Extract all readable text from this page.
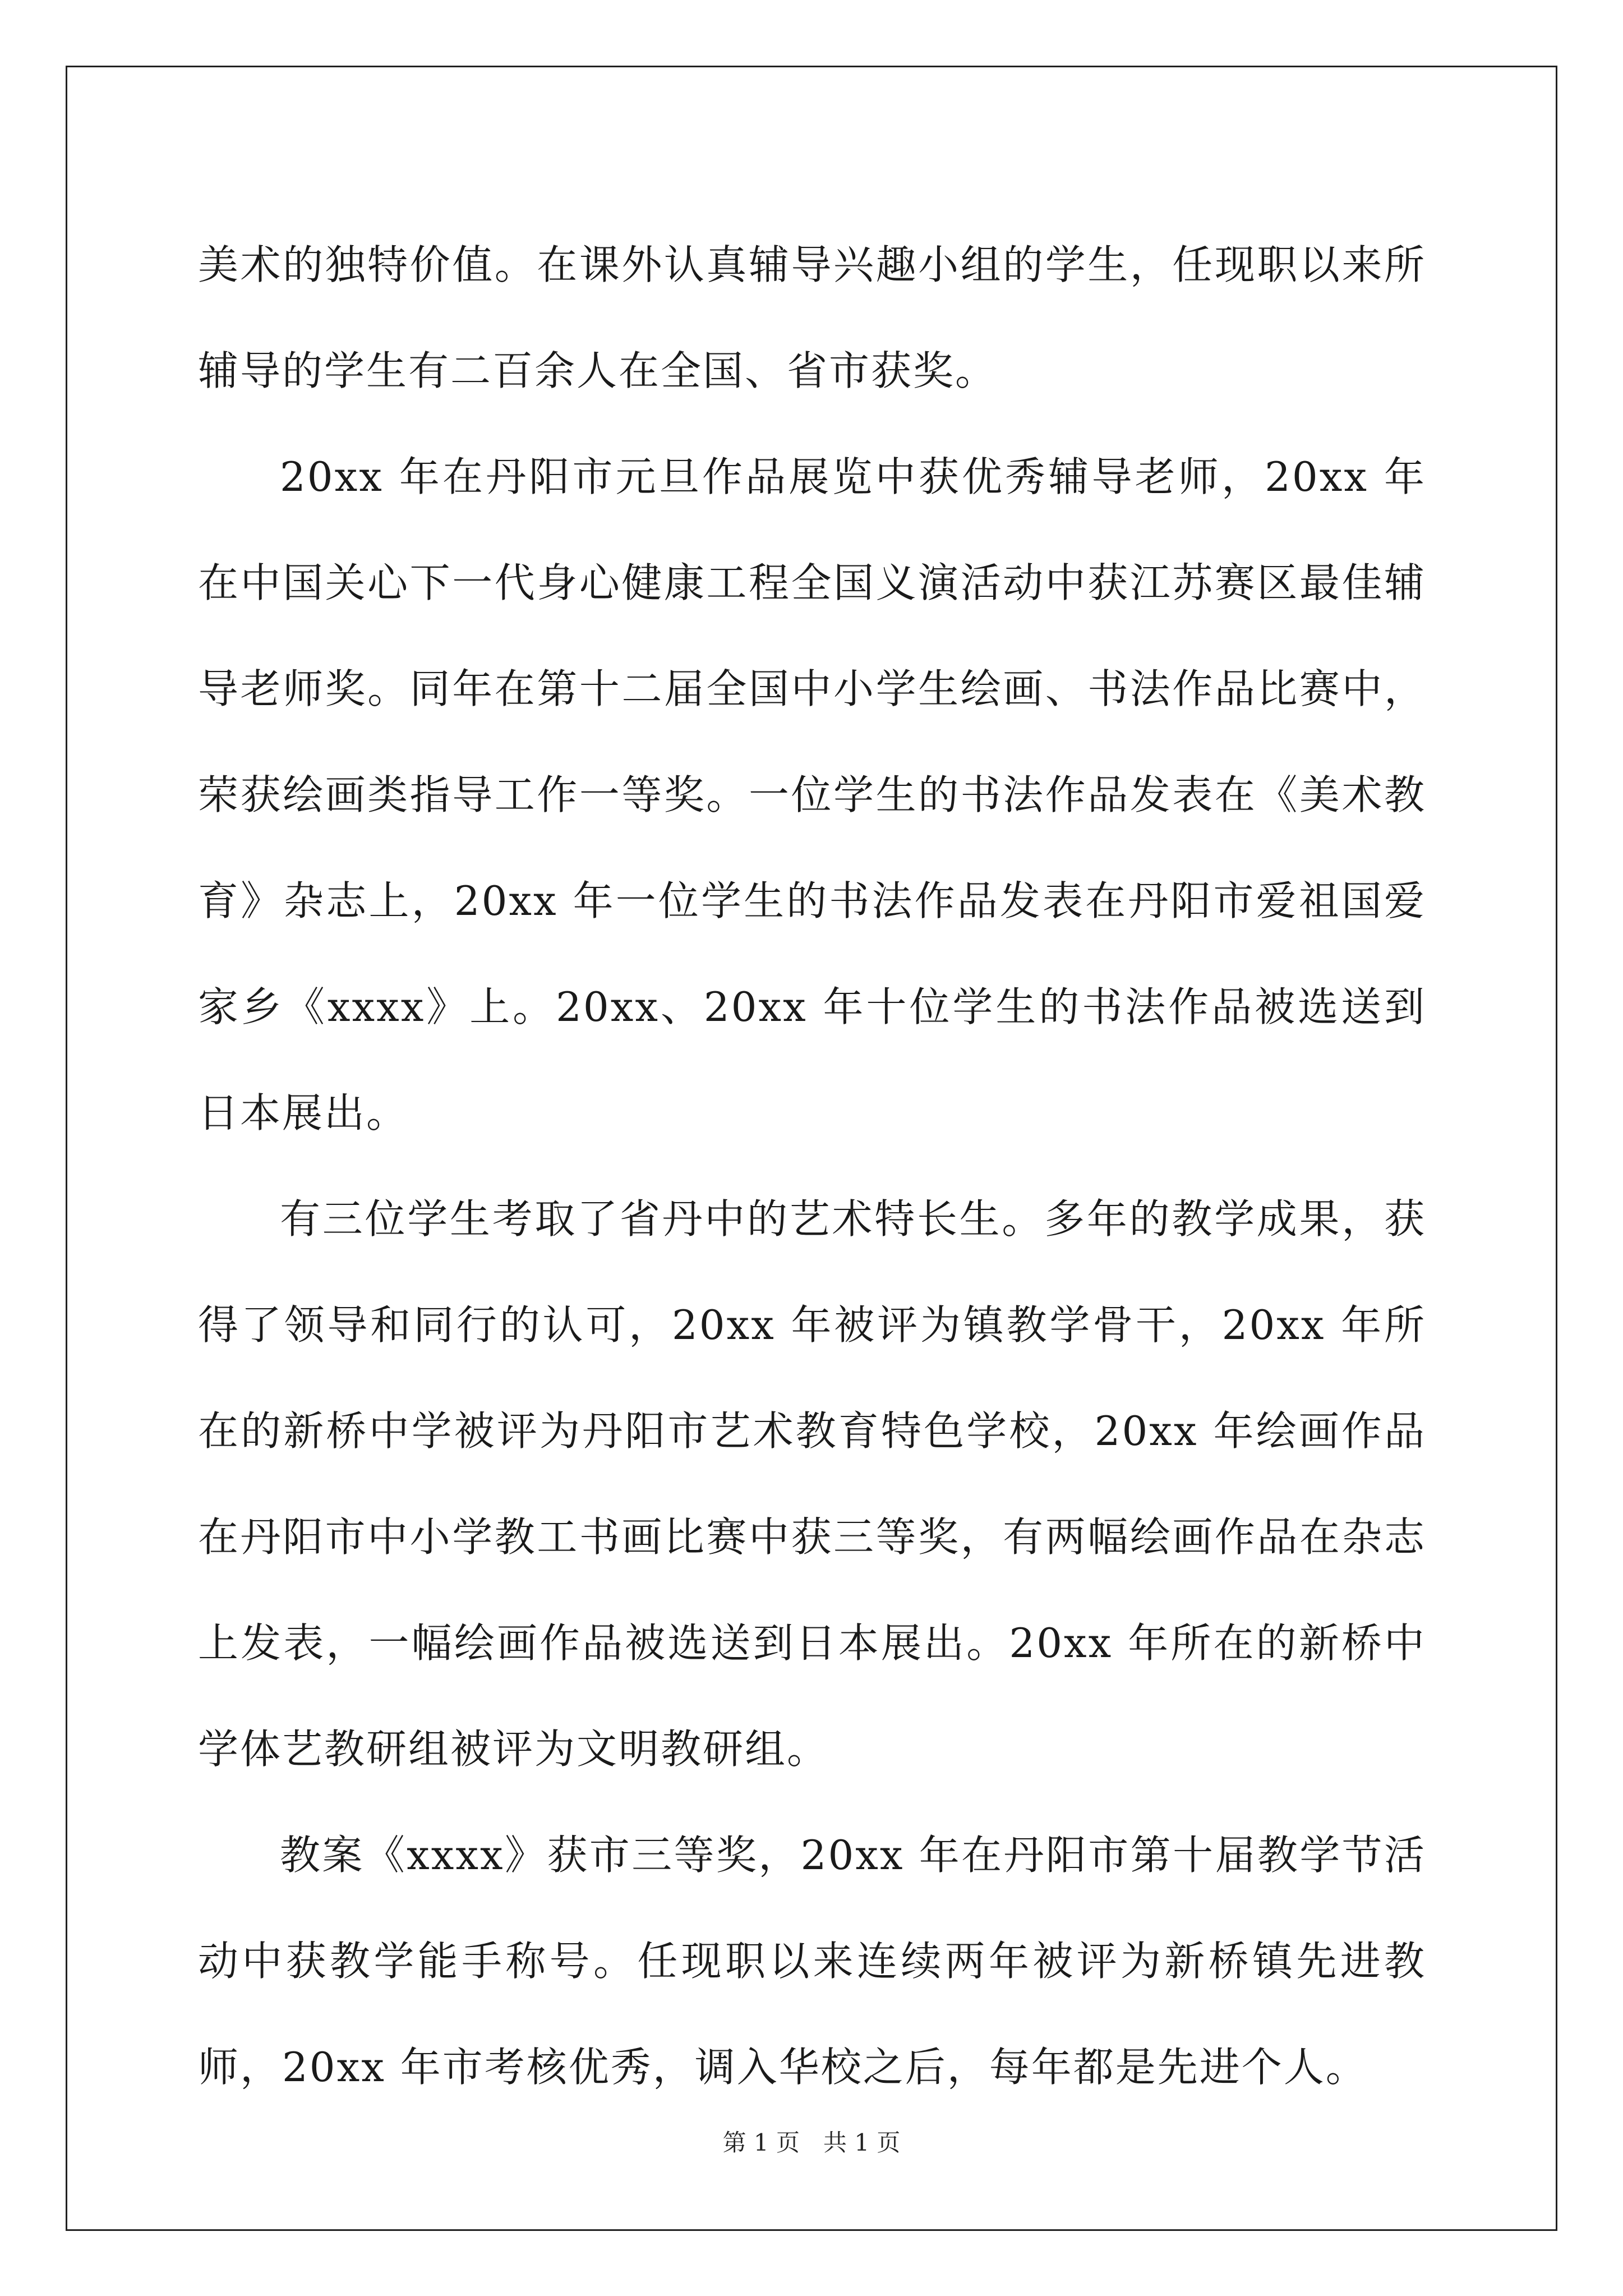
美术的独特价值。在课外认真辅导兴趣小组的学生，任现职以来所辅导的学生有二百余人在全国、省市获奖。

20xx 年在丹阳市元旦作品展览中获优秀辅导老师，20xx 年在中国关心下一代身心健康工程全国义演活动中获江苏赛区最佳辅导老师奖。同年在第十二届全国中小学生绘画、书法作品比赛中，荣获绘画类指导工作一等奖。一位学生的书法作品发表在《美术教育》杂志上，20xx 年一位学生的书法作品发表在丹阳市爱祖国爱家乡《xxxx》上。20xx、20xx 年十位学生的书法作品被选送到日本展出。

有三位学生考取了省丹中的艺术特长生。多年的教学成果，获得了领导和同行的认可，20xx 年被评为镇教学骨干，20xx 年所在的新桥中学被评为丹阳市艺术教育特色学校，20xx 年绘画作品在丹阳市中小学教工书画比赛中获三等奖，有两幅绘画作品在杂志上发表，一幅绘画作品被选送到日本展出。20xx 年所在的新桥中学体艺教研组被评为文明教研组。

教案《xxxx》获市三等奖，20xx 年在丹阳市第十届教学节活动中获教学能手称号。任现职以来连续两年被评为新桥镇先进教师，20xx 年市考核优秀，调入华校之后，每年都是先进个人。

第 1 页　共 1 页
